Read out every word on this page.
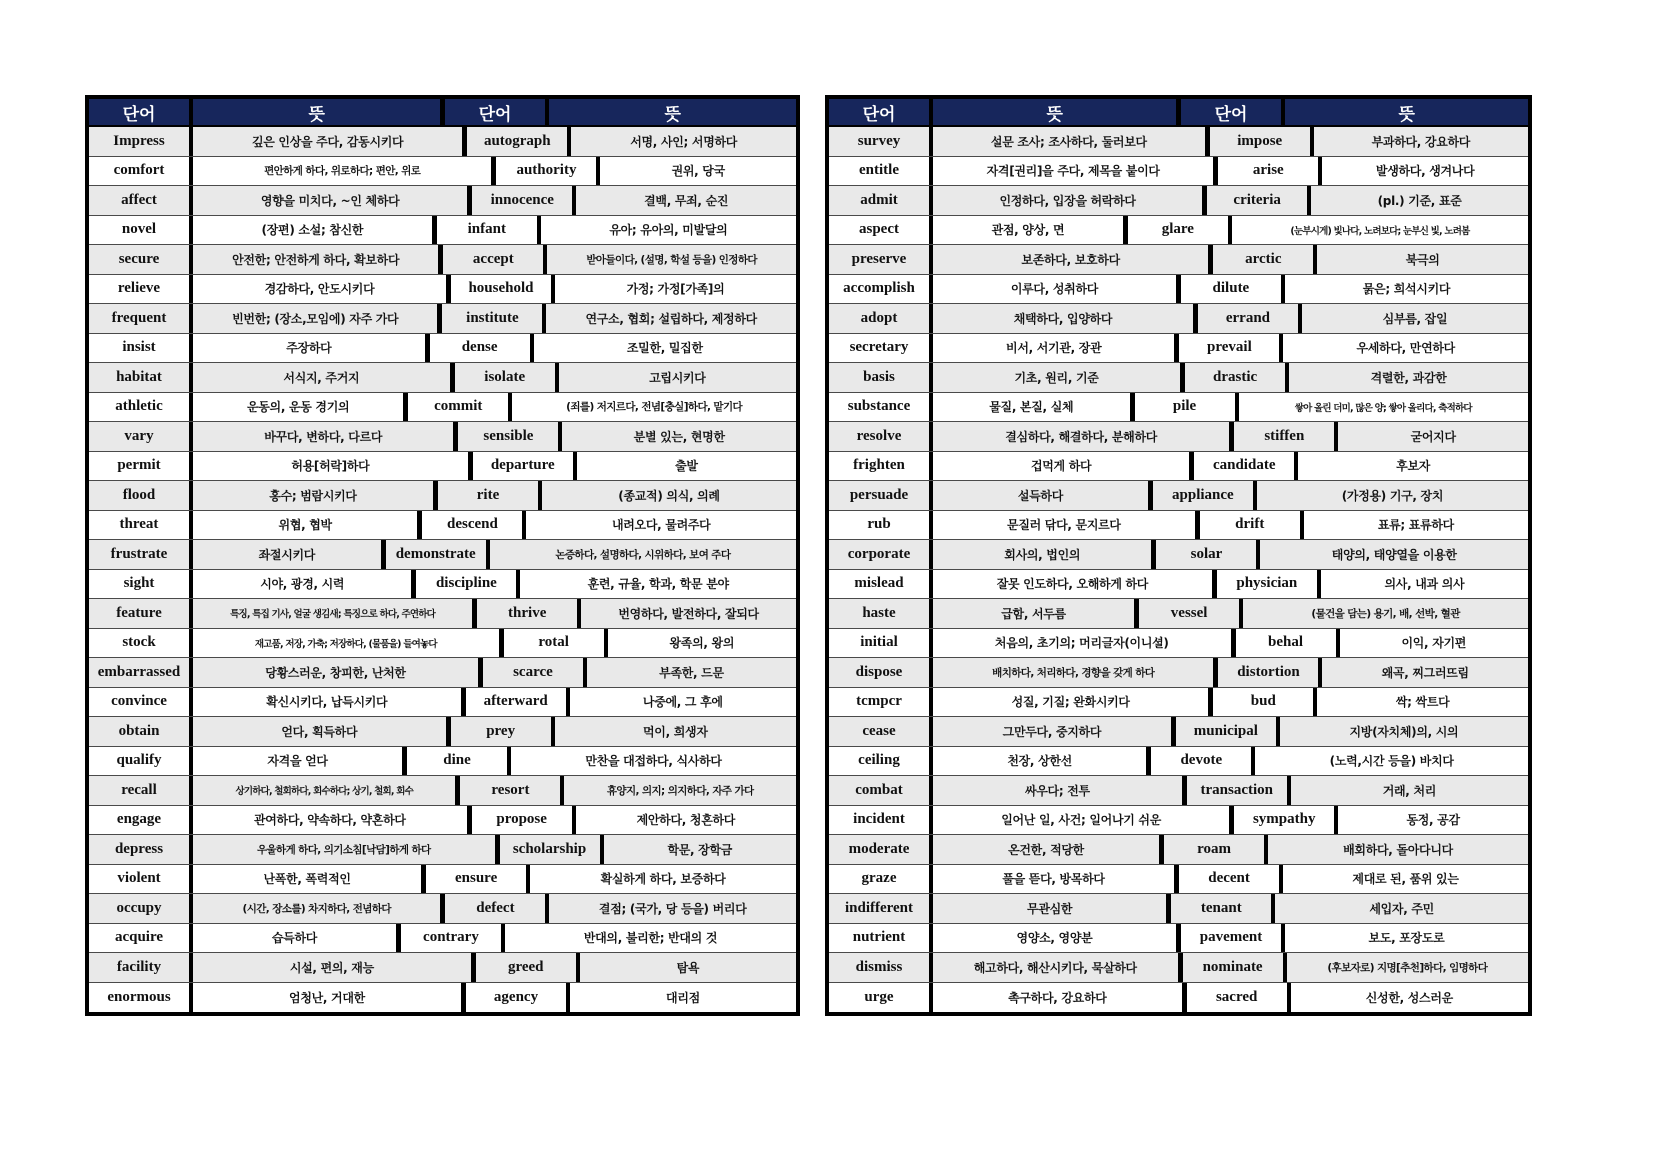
단어	뜻	단어	뜻
Impress	깊은 인상을 주다, 감동시키다	autograph	서명, 사인; 서명하다
comfort	편안하게 하다, 위로하다; 편안, 위로	authority	권위, 당국
affect	영향을 미치다, ~인 체하다	innocence	결백, 무죄, 순진
novel	(장편) 소설; 참신한	infant	유아; 유아의, 미발달의
secure	안전한; 안전하게 하다, 확보하다	accept	받아들이다, (설명, 학설 등을) 인정하다
relieve	경감하다, 안도시키다	household	가정; 가정[가족]의
frequent	빈번한; (장소,모임에) 자주 가다	institute	연구소, 협회; 설립하다, 제정하다
insist	주장하다	dense	조밀한, 밀집한
habitat	서식지, 주거지	isolate	고립시키다
athletic	운동의, 운동 경기의	commit	(죄를) 저지르다, 전념[충실]하다, 맡기다
vary	바꾸다, 변하다, 다르다	sensible	분별 있는, 현명한
permit	허용[허락]하다	departure	출발
flood	홍수; 범람시키다	rite	(종교적) 의식, 의례
threat	위협, 협박	descend	내려오다, 물려주다
frustrate	좌절시키다	demonstrate	논증하다, 설명하다, 시위하다, 보여 주다
sight	시야, 광경, 시력	discipline	훈련, 규율, 학과, 학문 분야
feature	특징, 특집 기사, 얼굴 생김새; 특징으로 하다, 주연하다	thrive	번영하다, 발전하다, 잘되다
stock	재고품, 저장, 가축; 저장하다, (물품을) 들여놓다	rotal	왕족의, 왕의
embarrassed	당황스러운, 창피한, 난처한	scarce	부족한, 드문
convince	확신시키다, 납득시키다	afterward	나중에, 그 후에
obtain	얻다, 획득하다	prey	먹이, 희생자
qualify	자격을 얻다	dine	만찬을 대접하다, 식사하다
recall	상기하다, 철회하다, 회수하다; 상기, 철회, 회수	resort	휴양지, 의지; 의지하다, 자주 가다
engage	관여하다, 약속하다, 약혼하다	propose	제안하다, 청혼하다
depress	우울하게 하다, 의기소침[낙담]하게 하다	scholarship	학문, 장학금
violent	난폭한, 폭력적인	ensure	확실하게 하다, 보증하다
occupy	(시간, 장소를) 차지하다, 전념하다	defect	결점; (국가, 당 등을) 버리다
acquire	습득하다	contrary	반대의, 불리한; 반대의 것
facility	시설, 편의, 재능	greed	탐욕
enormous	엄청난, 거대한	agency	대리점
단어	뜻	단어	뜻
survey	설문 조사; 조사하다, 둘러보다	impose	부과하다, 강요하다
entitle	자격[권리]을 주다, 제목을 붙이다	arise	발생하다, 생겨나다
admit	인정하다, 입장을 허락하다	criteria	(pl.) 기준, 표준
aspect	관점, 양상, 면	glare	(눈부시게) 빛나다, 노려보다; 눈부신 빛, 노려봄
preserve	보존하다, 보호하다	arctic	북극의
accomplish	이루다, 성취하다	dilute	묽은; 희석시키다
adopt	채택하다, 입양하다	errand	심부름, 잡일
secretary	비서, 서기관, 장관	prevail	우세하다, 만연하다
basis	기초, 원리, 기준	drastic	격렬한, 과감한
substance	물질, 본질, 실체	pile	쌓아 올린 더미, 많은 양; 쌓아 올리다, 축적하다
resolve	결심하다, 해결하다, 분해하다	stiffen	굳어지다
frighten	겁먹게 하다	candidate	후보자
persuade	설득하다	appliance	(가정용) 기구, 장치
rub	문질러 닦다, 문지르다	drift	표류; 표류하다
corporate	회사의, 법인의	solar	태양의, 태양열을 이용한
mislead	잘못 인도하다, 오해하게 하다	physician	의사, 내과 의사
haste	급함, 서두름	vessel	(물건을 담는) 용기, 배, 선박, 혈관
initial	처음의, 초기의; 머리글자(이니셜)	behal	이익, 자기편
dispose	배치하다, 처리하다, 경향을 갖게 하다	distortion	왜곡, 찌그러뜨림
tcmpcr	성질, 기질; 완화시키다	bud	싹; 싹트다
cease	그만두다, 중지하다	municipal	지방(자치체)의, 시의
ceiling	천장, 상한선	devote	(노력,시간 등을) 바치다
combat	싸우다; 전투	transaction	거래, 처리
incident	일어난 일, 사건; 일어나기 쉬운	sympathy	동정, 공감
moderate	온건한, 적당한	roam	배회하다, 돌아다니다
graze	풀을 뜯다, 방목하다	decent	제대로 된, 품위 있는
indifferent	무관심한	tenant	세입자, 주민
nutrient	영양소, 영양분	pavement	보도, 포장도로
dismiss	해고하다, 해산시키다, 묵살하다	nominate	(후보자로) 지명[추천]하다, 임명하다
urge	촉구하다, 강요하다	sacred	신성한, 성스러운
